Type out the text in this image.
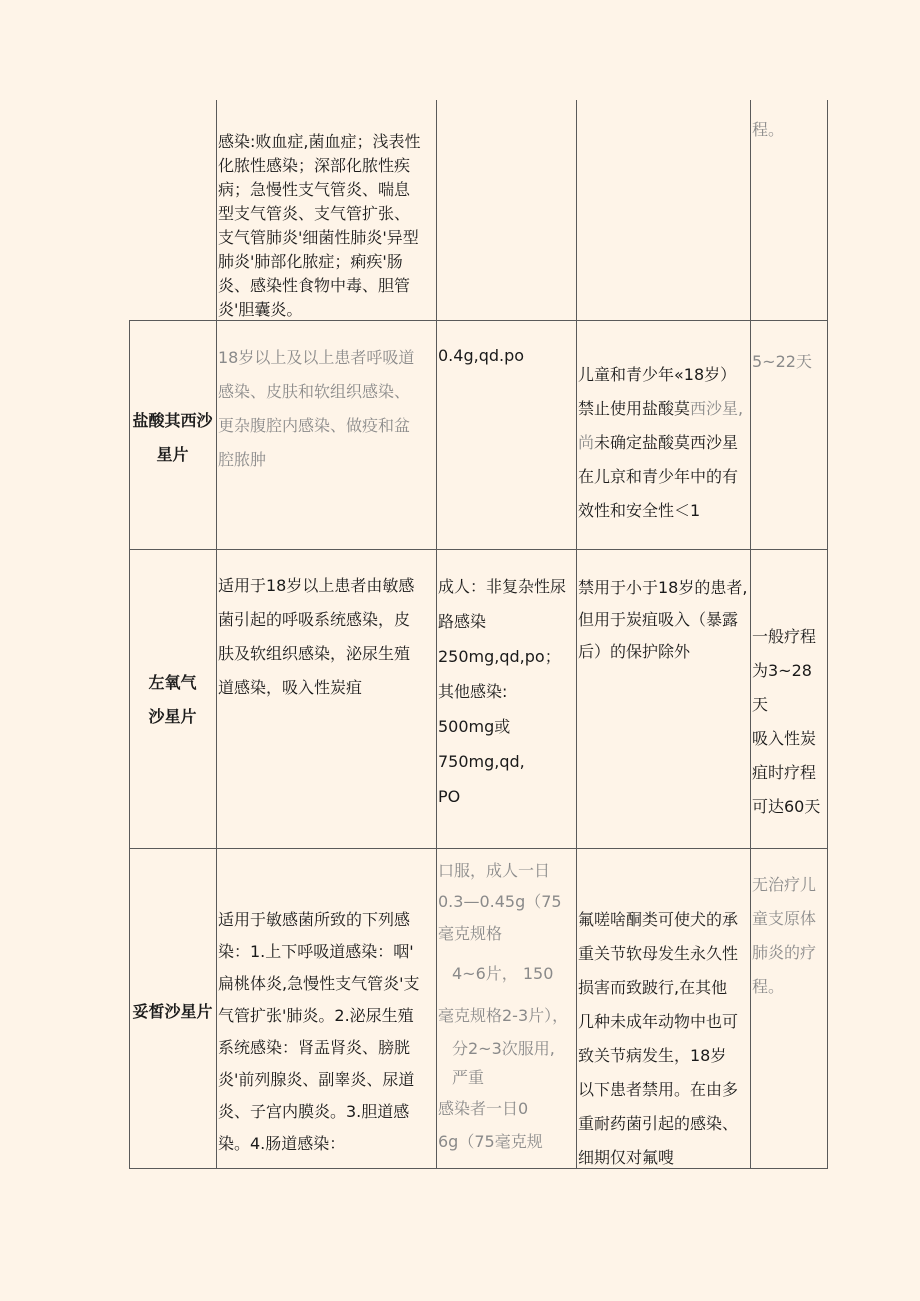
感染:败血症,菌血症；浅表性
化脓性感染；深部化脓性疾
病；急慢性支气管炎、喘息
型支气管炎、支气管扩张、
支气管肺炎'细菌性肺炎'异型
肺炎'肺部化脓症；痢疾'肠
炎、感染性食物中毒、胆管
炎'胆囊炎。
程。
盐酸其西沙
星片
18岁以上及以上患者呼吸道
感染、皮肤和软组织感染、
更杂腹腔内感染、做疫和盆
腔脓肿
0.4g,qd.po
儿童和青少年«18岁）
禁止使用盐酸莫西沙星,
尚未确定盐酸莫西沙星
在儿京和青少年中的有
效性和安全性＜1
5~22天
左氧气
沙星片
适用于18岁以上患者由敏感
菌引起的呼吸系统感染，皮
肤及软组织感染，泌尿生殖
道感染，吸入性炭疽
成人：非复杂性尿
路感染
250mg,qd,po；
其他感染:
500mg或
750mg,qd,
PO
禁用于小于18岁的患者,
但用于炭疽吸入（暴露
后）的保护除外
一般疗程
为3~28天
吸入性炭
疽时疗程
可达60天
妥皙沙星片
适用于敏感菌所致的下列感
染：1.上下呼吸道感染：咽'
扁桃体炎,急慢性支气管炎'支
气管扩张'肺炎。2.泌尿生殖
系统感染：肾盂肾炎、膀胱
炎'前列腺炎、副睾炎、尿道
炎、子宫内膜炎。3.胆道感
染。4.肠道感染：
口服，成人一日
0.3—0.45g（75
毫克规格
4~6片， 150
毫克规格2-3片），
分2~3次服用,
严重
感染者一日0
6g（75毫克规
氟嗟啥酮类可使犬的承
重关节软母发生永久性
损害而致跛行,在其他
几种未成年动物中也可
致关节病发生，18岁
以下患者禁用。在由多
重耐药菌引起的感染、
细期仅对氟嗖
无治疗儿
童支原体
肺炎的疗
程。
